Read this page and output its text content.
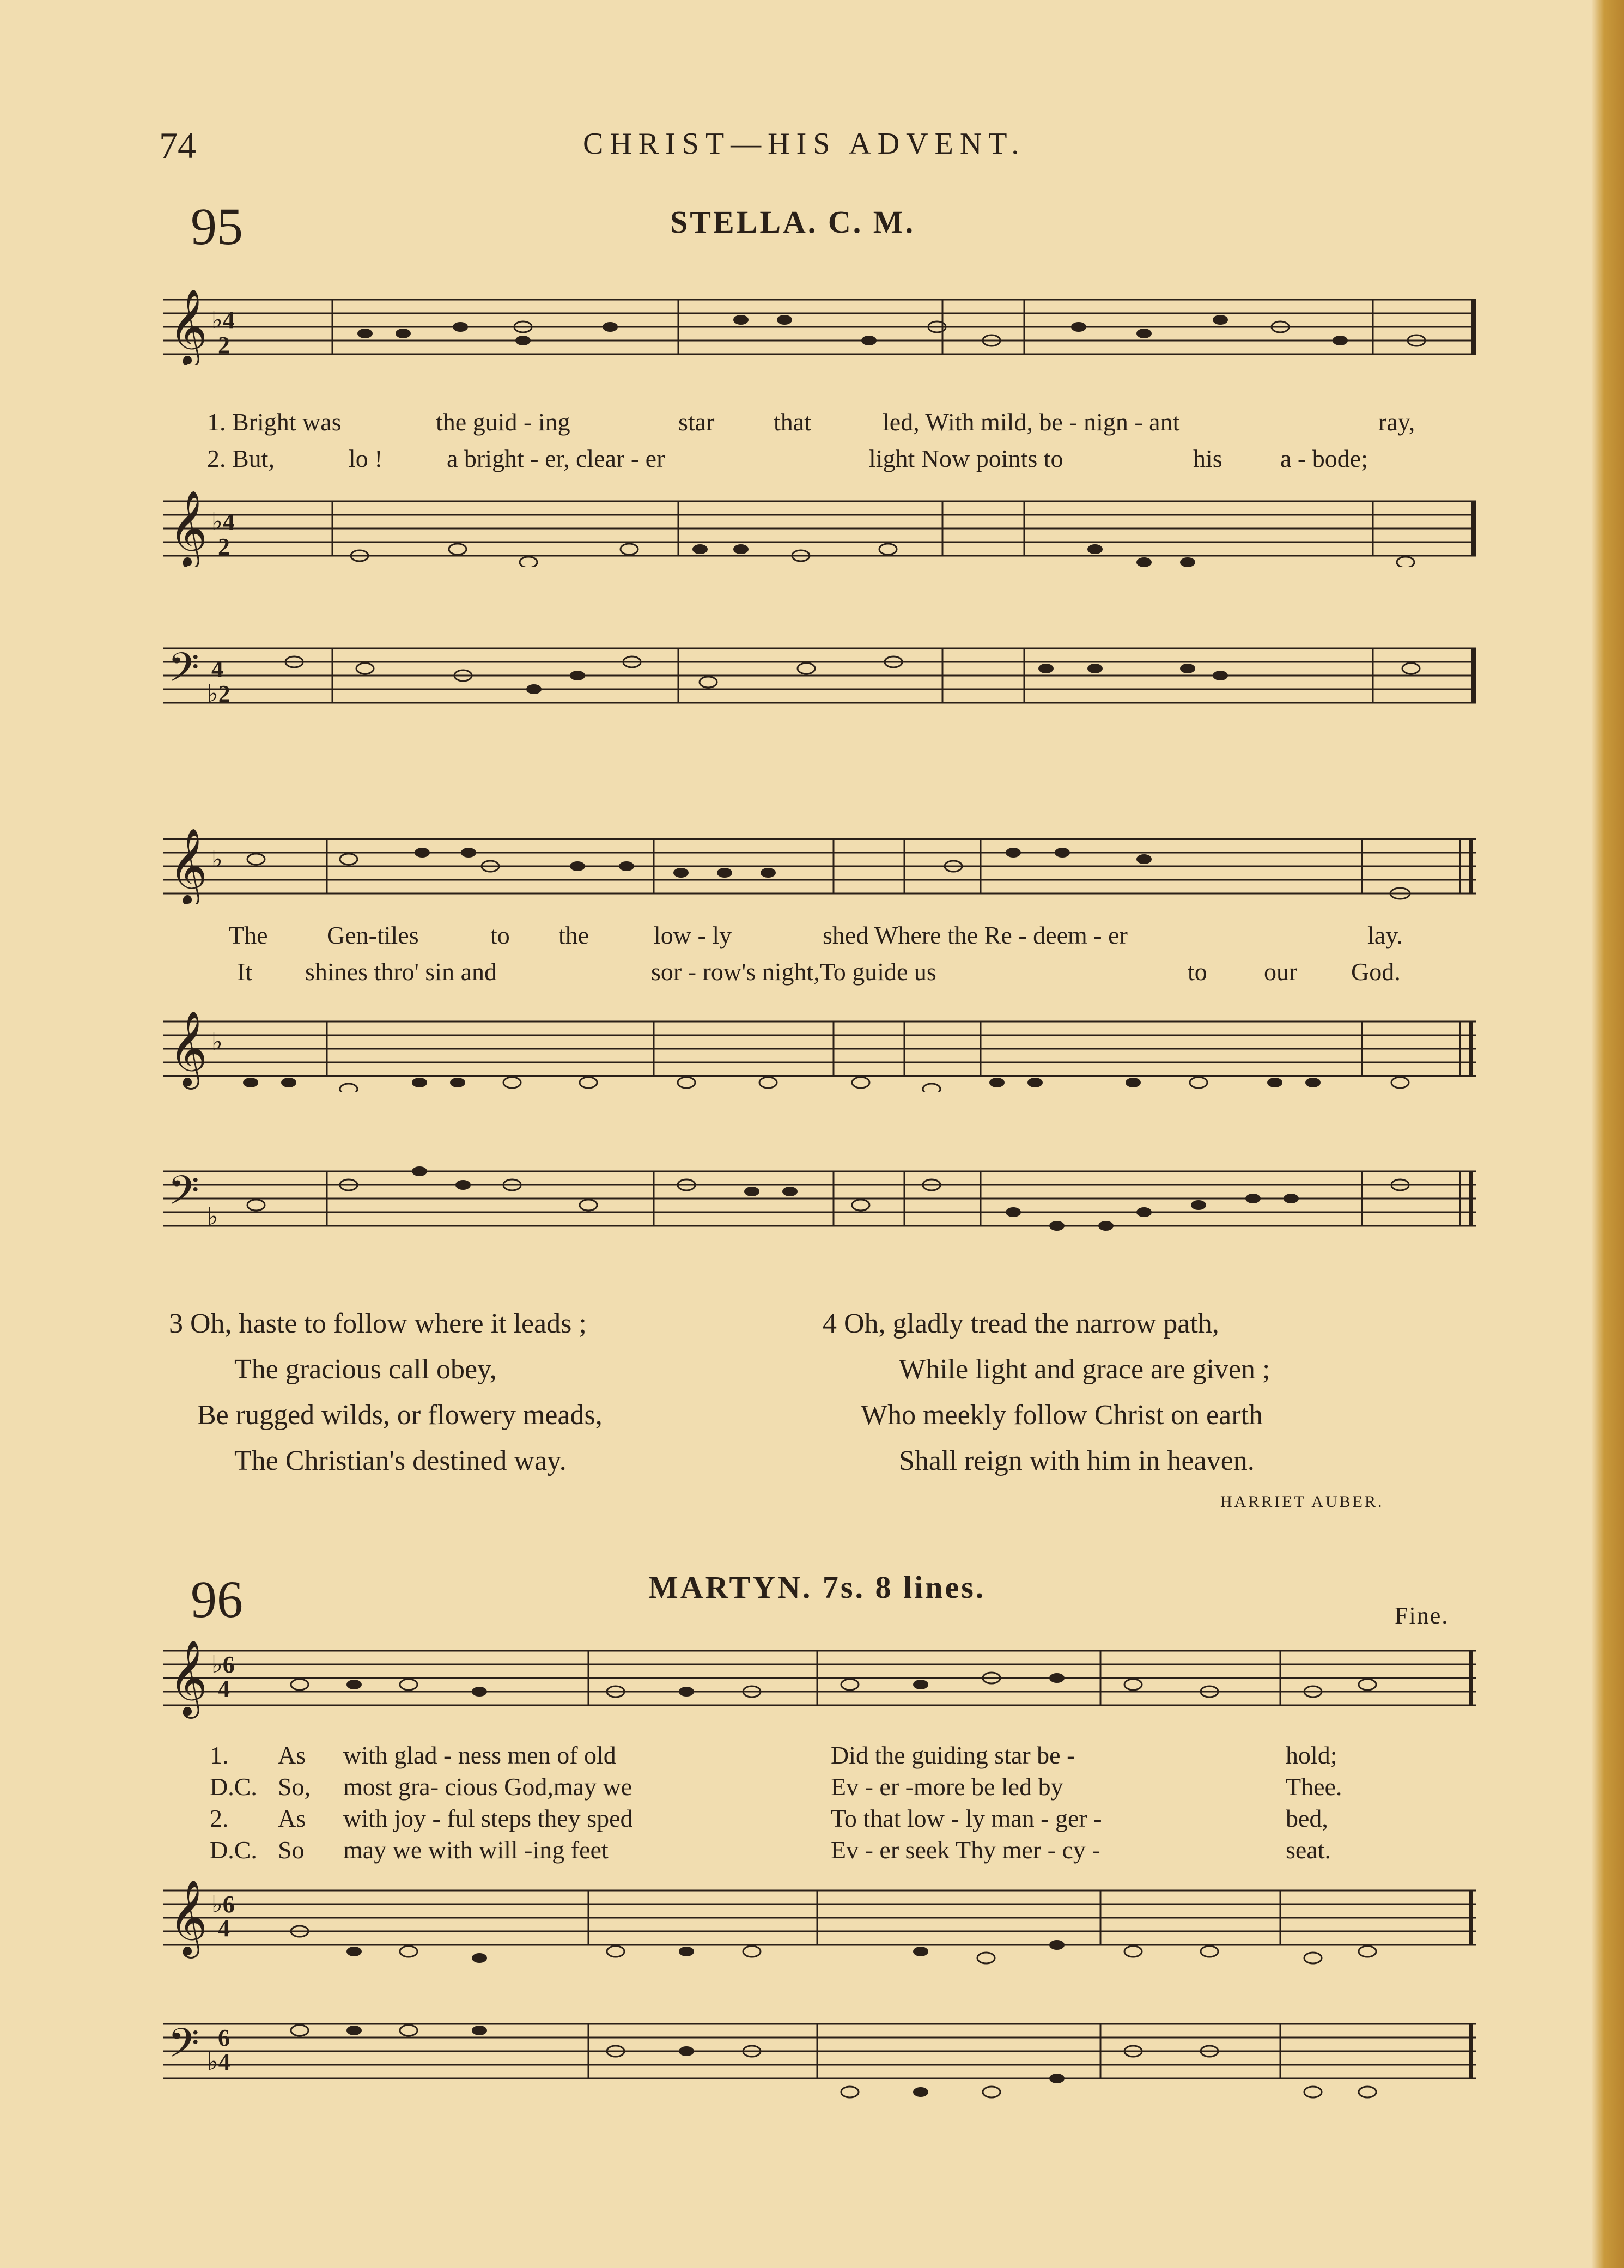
74	CHRIST—HIS ADVENT.
95	STELLA. C. M.
𝄞 ♭4
2
1. Bright was	the guid - ing	star that	led, With mild, be - nign - ant	ray,
2. But,	lo !	a bright - er, clear - er	light Now points to	his a - bode;
𝄞 ♭4
2
𝄢 4
♭2
𝄞 ♭
The Gen-tiles	to the	low - ly	shed Where the Re - deem - er	lay.
It shines thro' sin and	sor - row's night,To guide us	to our God.
𝄞 ♭
𝄢 ♭
3 Oh, haste to follow where it leads ;
The gracious call obey,
Be rugged wilds, or flowery meads,
The Christian's destined way.
4 Oh, gladly tread the narrow path,
While light and grace are given ;
Who meekly follow Christ on earth
Shall reign with him in heaven.
HARRIET AUBER.
96	MARTYN. 7s. 8 lines.
Fine.
𝄞 ♭6
4
1. As with glad - ness men of old	Did the guiding star be -	hold;
D.C. So, most gra- cious God,may we	Ev - er -more be led by	Thee.
2. As with joy - ful steps they sped	To that low - ly man - ger -	bed,
D.C. So may we with will -ing feet	Ev - er seek Thy mer - cy -	seat.
𝄞 ♭6
4
𝄢 6
♭4
